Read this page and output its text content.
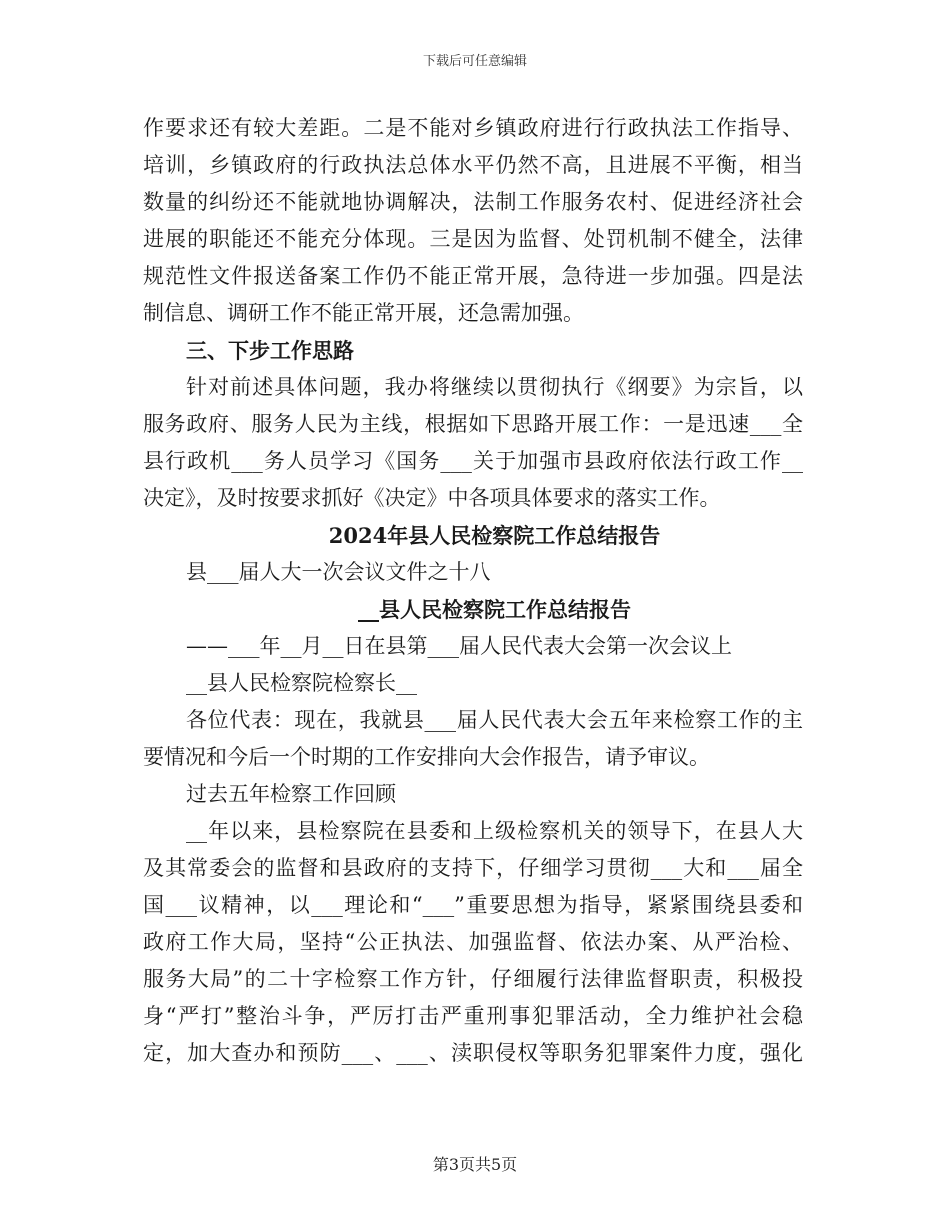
下载后可任意编辑
作要求还有较大差距。二是不能对乡镇政府进行行政执法工作指导、
培训，乡镇政府的行政执法总体水平仍然不高，且进展不平衡，相当
数量的纠纷还不能就地协调解决，法制工作服务农村、促进经济社会
进展的职能还不能充分体现。三是因为监督、处罚机制不健全，法律
规范性文件报送备案工作仍不能正常开展，急待进一步加强。四是法
制信息、调研工作不能正常开展，还急需加强。
三、下步工作思路
针对前述具体问题，我办将继续以贯彻执行《纲要》为宗旨，以
服务政府、服务人民为主线，根据如下思路开展工作：一是迅速___全
县行政机___务人员学习《国务___关于加强市县政府依法行政工作__
决定》，及时按要求抓好《决定》中各项具体要求的落实工作。
2024年县人民检察院工作总结报告
县___届人大一次会议文件之十八
__县人民检察院工作总结报告
——___年__月__日在县第___届人民代表大会第一次会议上
__县人民检察院检察长__
各位代表：现在，我就县___届人民代表大会五年来检察工作的主
要情况和今后一个时期的工作安排向大会作报告，请予审议。
过去五年检察工作回顾
__年以来，县检察院在县委和上级检察机关的领导下，在县人大
及其常委会的监督和县政府的支持下，仔细学习贯彻___大和___届全
国___议精神，以___理论和“___”重要思想为指导，紧紧围绕县委和
政府工作大局，坚持“公正执法、加强监督、依法办案、从严治检、
服务大局”的二十字检察工作方针，仔细履行法律监督职责，积极投
身“严打”整治斗争，严厉打击严重刑事犯罪活动，全力维护社会稳
定，加大查办和预防___、___、渎职侵权等职务犯罪案件力度，强化
第3页共5页
